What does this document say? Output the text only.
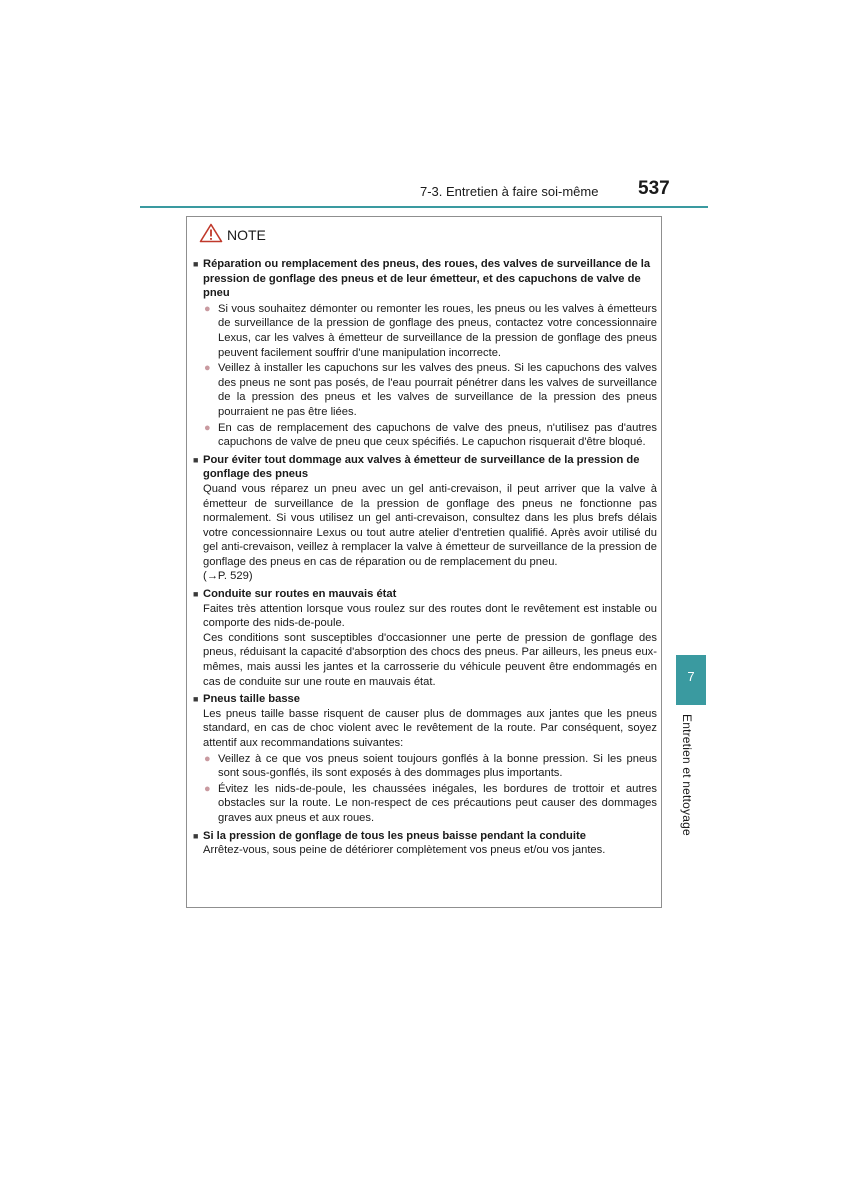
7-3. Entretien à faire soi-même 537
7
Entretien et nettoyage
NOTE
■ Réparation ou remplacement des pneus, des roues, des valves de surveillance de la pression de gonflage des pneus et de leur émetteur, et des capuchons de valve de pneu
● Si vous souhaitez démonter ou remonter les roues, les pneus ou les valves à émetteurs de surveillance de la pression de gonflage des pneus, contactez votre concessionnaire Lexus, car les valves à émetteur de surveillance de la pression de gonflage des pneus peuvent facilement souffrir d'une manipulation incorrecte.
● Veillez à installer les capuchons sur les valves des pneus. Si les capuchons des valves des pneus ne sont pas posés, de l'eau pourrait pénétrer dans les valves de surveillance de la pression des pneus et les valves de surveillance de la pression des pneus pourraient ne pas être liées.
● En cas de remplacement des capuchons de valve des pneus, n'utilisez pas d'autres capuchons de valve de pneu que ceux spécifiés. Le capuchon risquerait d'être bloqué.
■ Pour éviter tout dommage aux valves à émetteur de surveillance de la pression de gonflage des pneus

Quand vous réparez un pneu avec un gel anti-crevaison, il peut arriver que la valve à émetteur de surveillance de la pression de gonflage des pneus ne fonctionne pas normalement. Si vous utilisez un gel anti-crevaison, consultez dans les plus brefs délais votre concessionnaire Lexus ou tout autre atelier d'entretien qualifié. Après avoir utilisé du gel anti-crevaison, veillez à remplacer la valve à émetteur de surveillance de la pression de gonflage des pneus en cas de réparation ou de remplacement du pneu.

(→P. 529)

■ Conduite sur routes en mauvais état

Faites très attention lorsque vous roulez sur des routes dont le revêtement est instable ou comporte des nids-de-poule.

Ces conditions sont susceptibles d'occasionner une perte de pression de gonflage des pneus, réduisant la capacité d'absorption des chocs des pneus. Par ailleurs, les pneus eux-mêmes, mais aussi les jantes et la carrosserie du véhicule peuvent être endommagés en cas de conduite sur une route en mauvais état.

■ Pneus taille basse

Les pneus taille basse risquent de causer plus de dommages aux jantes que les pneus standard, en cas de choc violent avec le revêtement de la route. Par conséquent, soyez attentif aux recommandations suivantes:

● Veillez à ce que vos pneus soient toujours gonflés à la bonne pression. Si les pneus sont sous-gonflés, ils sont exposés à des dommages plus importants.
● Évitez les nids-de-poule, les chaussées inégales, les bordures de trottoir et autres obstacles sur la route. Le non-respect de ces précautions peut causer des dommages graves aux pneus et aux roues.
■ Si la pression de gonflage de tous les pneus baisse pendant la conduite

Arrêtez-vous, sous peine de détériorer complètement vos pneus et/ou vos jantes.
